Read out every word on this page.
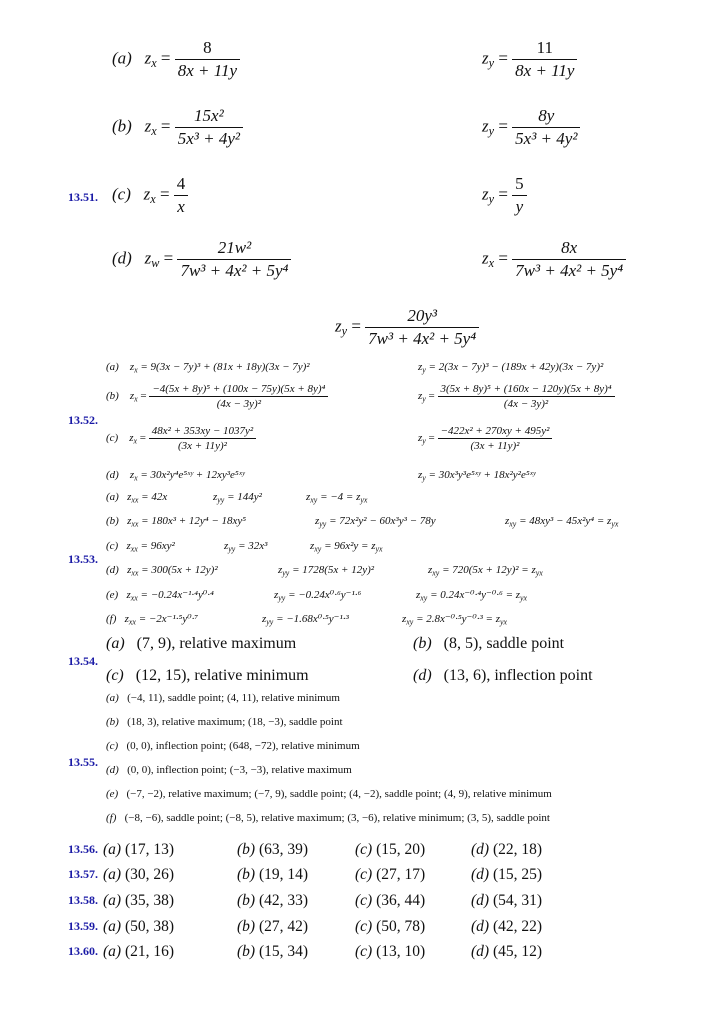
(a) $z_x = \frac{8}{8x + 11y}$	$z_y = \frac{11}{8x + 11y}$
(b) $z_x = \frac{\text{15x²}}{\text{5x³ + 4y²}}$	$z_y = \frac{8y}{\text{5x³ + 4y²}}$
13.51. (c) $z_x = \frac{4}{x}$	$z_y = \frac{5}{y}$
(d) $z_w = \frac{\text{21w²}}{\text{7w³ + 4x² + 5y⁴}}$	$z_x = \frac{8x}{\text{7w³ + 4x² + 5y⁴}}$
$z_y = \frac{\text{20y³}}{\text{7w³ + 4x² + 5y⁴}}$
(a) $z_x = 9(3x - 7y)^3 + (81x + 18y)(3x - 7y)^2$	$z_y = 2(3x - 7y)^3 - (189x + 42y)(3x - 7y)^2$
(b) $z_x = \frac{\text{−4(5x + 8y)⁵ + (100x − 75y)(5x + 8y)⁴}}{\text{(4x − 3y)²}}$	$z_y = \frac{\text{3(5x + 8y)⁵ + (160x − 120y)(5x + 8y)⁴}}{\text{(4x − 3y)²}}$
13.52.
(c) $z_x = \frac{\text{48x² + 353xy − 1037y²}}{\text{(3x + 11y)²}}$	$z_y = \frac{\text{−422x² + 270xy + 495y²}}{\text{(3x + 11y)²}}$
(d) $z_x$ = 30x²y⁴e⁵ˣʸ + 12xy³e⁵ˣʸ	$z_y$ = 30x³y³e⁵ˣʸ + 18x²y²e⁵ˣʸ
13.53.
(a) $z_{xx} = 42x$	$z_{yy} = 144y^2$	$z_{xy} = -4 = z_{yx}$
(b) $z_{xx} = 180x^3 + 12y^4 - 18xy^5$	$z_{yy} = 72x^2y^2 - 60x^3y^3 - 78y$	$z_{xy} = 48xy^3 - 45x^2y^4 = z_{yx}$
(c) $z_{xx} = 96xy^2$	$z_{yy} = 32x^3$	$z_{xy} = 96x^2y = z_{yx}$
(d) $z_{xx} = 300(5x + 12y)^2$	$z_{yy} = 1728(5x + 12y)^2$	$z_{xy} = 720(5x + 12y)^2 = z_{yx}$
(e) $z_{xx} = -0.24x^{-1}\cdot^4y^0\cdot^4$	$z_{yy} = -0.24x^0\cdot^6y^{-1}\cdot^6$	$z_{xy} = 0.24x^{-0}\cdot^4y^{-0}\cdot^6 = z_{yx}$
(f) $z_{xx} = -2x^{-1}\cdot^5y^0\cdot^7$	$z_{yy} = -1.68x^0\cdot^5y^{-1}\cdot^3$	$z_{xy} = 2.8x^{-0}\cdot^5y^{-0}\cdot^3 = z_{yx}$
13.54.
(a) (7, 9), relative maximum	(b) (8, 5), saddle point
(c) (12, 15), relative minimum	(d) (13, 6), inflection point
13.55.
(a) (−4, 11), saddle point; (4, 11), relative minimum
(b) (18, 3), relative maximum; (18, −3), saddle point
(c) (0, 0), inflection point; (648, −72), relative minimum
(d) (0, 0), inflection point; (−3, −3), relative maximum
(e) (−7, −2), relative maximum; (−7, 9), saddle point; (4, −2), saddle point; (4, 9), relative minimum
(f) (−8, −6), saddle point; (−8, 5), relative maximum; (3, −6), relative minimum; (3, 5), saddle point
13.56. (a) (17, 13)	(b) (63, 39)	(c) (15, 20)	(d) (22, 18)
13.57. (a) (30, 26)	(b) (19, 14)	(c) (27, 17)	(d) (15, 25)
13.58. (a) (35, 38)	(b) (42, 33)	(c) (36, 44)	(d) (54, 31)
13.59. (a) (50, 38)	(b) (27, 42)	(c) (50, 78)	(d) (42, 22)
13.60. (a) (21, 16)	(b) (15, 34)	(c) (13, 10)	(d) (45, 12)
